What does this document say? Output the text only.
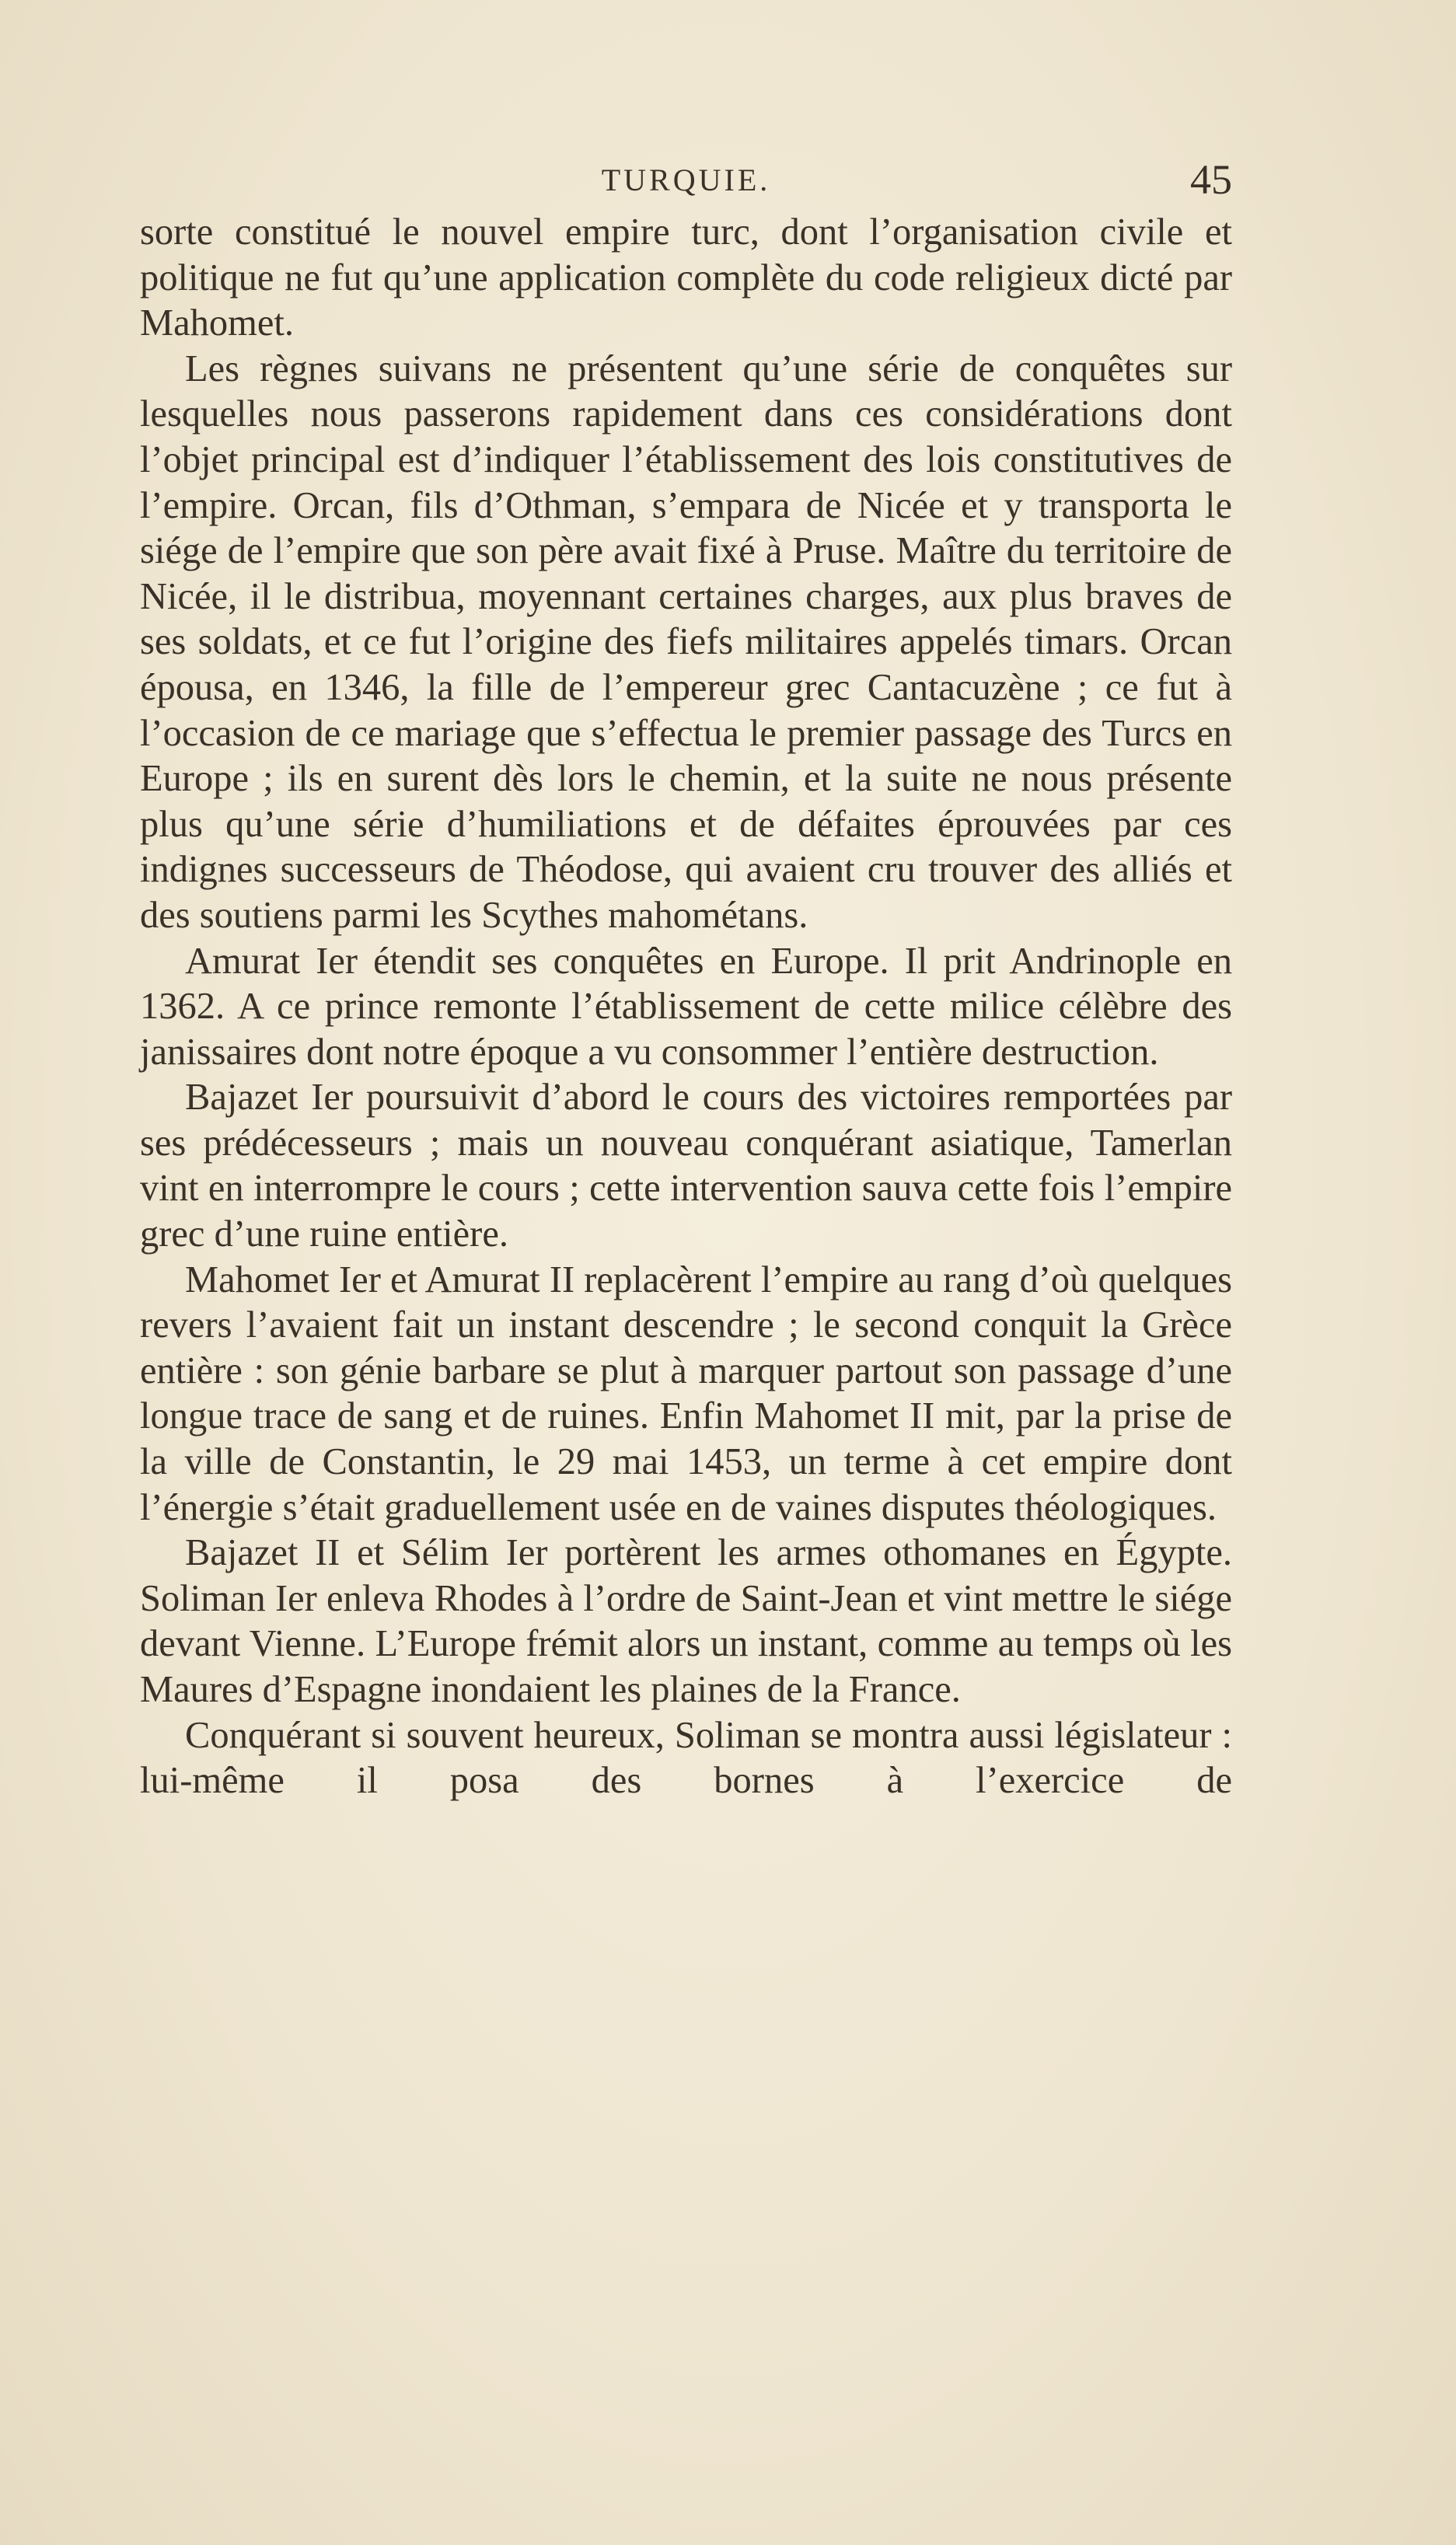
TURQUIE.	45

sorte constitué le nouvel empire turc, dont l’organisation civile et politique ne fut qu’une application complète du code religieux dicté par Mahomet.

Les règnes suivans ne présentent qu’une série de conquêtes sur lesquelles nous passerons rapidement dans ces considérations dont l’objet principal est d’indiquer l’établissement des lois constitutives de l’empire. Orcan, fils d’Othman, s’empara de Nicée et y transporta le siége de l’empire que son père avait fixé à Pruse. Maître du territoire de Nicée, il le distribua, moyennant certaines charges, aux plus braves de ses soldats, et ce fut l’origine des fiefs militaires appelés timars. Orcan épousa, en 1346, la fille de l’empereur grec Cantacuzène ; ce fut à l’occasion de ce mariage que s’effectua le premier passage des Turcs en Europe ; ils en surent dès lors le chemin, et la suite ne nous présente plus qu’une série d’humiliations et de défaites éprouvées par ces indignes successeurs de Théodose, qui avaient cru trouver des alliés et des soutiens parmi les Scythes mahométans.

Amurat Ier étendit ses conquêtes en Europe. Il prit Andrinople en 1362. A ce prince remonte l’établissement de cette milice célèbre des janissaires dont notre époque a vu consommer l’entière destruction.

Bajazet Ier poursuivit d’abord le cours des victoires remportées par ses prédécesseurs ; mais un nouveau conquérant asiatique, Tamerlan vint en interrompre le cours ; cette intervention sauva cette fois l’empire grec d’une ruine entière.

Mahomet Ier et Amurat II replacèrent l’empire au rang d’où quelques revers l’avaient fait un instant descendre ; le second conquit la Grèce entière : son génie barbare se plut à marquer partout son passage d’une longue trace de sang et de ruines. Enfin Mahomet II mit, par la prise de la ville de Constantin, le 29 mai 1453, un terme à cet empire dont l’énergie s’était graduellement usée en de vaines disputes théologiques.

Bajazet II et Sélim Ier portèrent les armes othomanes en Égypte. Soliman Ier enleva Rhodes à l’ordre de Saint-Jean et vint mettre le siége devant Vienne. L’Europe frémit alors un instant, comme au temps où les Maures d’Espagne inondaient les plaines de la France.

Conquérant si souvent heureux, Soliman se montra aussi législateur : lui-même il posa des bornes à l’exercice de
